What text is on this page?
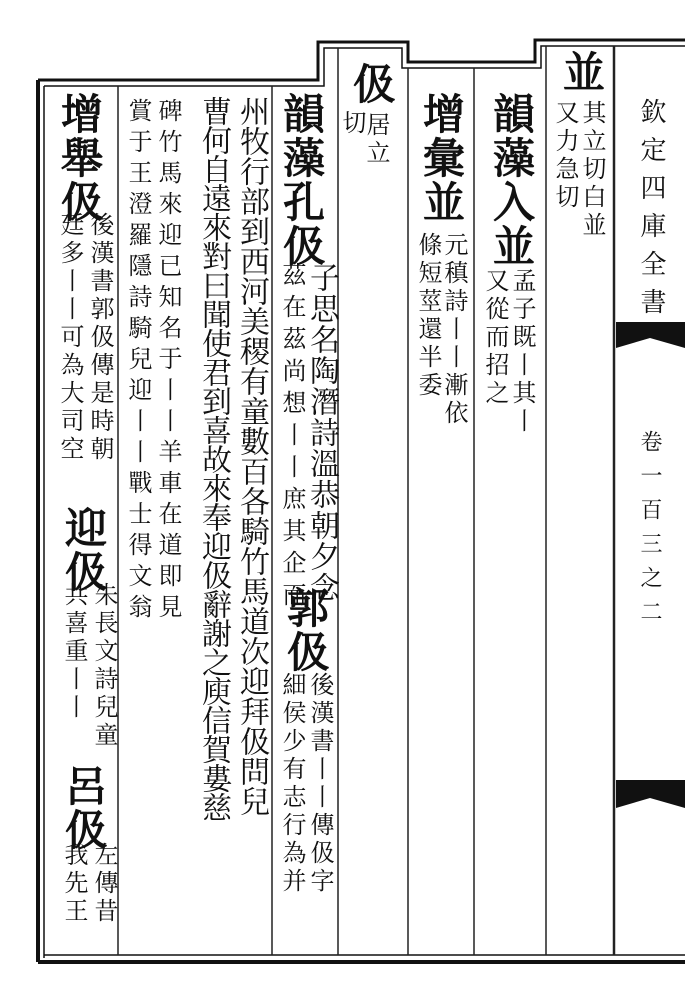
欽定四庫全書
卷一百三之二
並
其立切白並
又力急切
韻藻入並
孟子既丨其丨
又從而招之
增彙並
元稹詩丨丨漸依
條短莖還半委
伋
居立
切
韻藻孔伋
子思名陶潛詩溫恭朝夕念
茲在茲尚想丨丨庶其企而
州牧行部到西河美稷有童數百各騎竹馬道次迎拜伋問兒
曹何自遠來對曰聞使君到喜故來奉迎伋辭謝之庾信賀婁慈
碑竹馬來迎已知名于丨丨羊車在道即見
賞于王澄羅隱詩騎兒迎丨丨戰士得文翁
郭伋
後漢書丨丨傳伋字
細侯少有志行為并
增舉伋
後漢書郭伋傳是時朝
廷多丨丨可為大司空
迎伋
朱長文詩兒童
共喜重丨丨
呂伋
左傳昔
我先王
